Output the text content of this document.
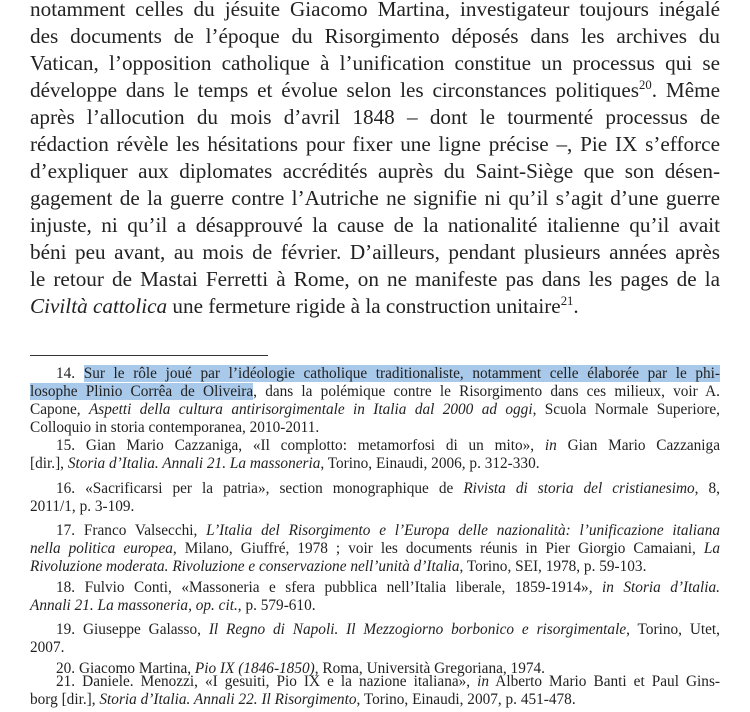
notamment celles du jésuite Giacomo Martina, investigateur toujours inégalé
des documents de l’époque du Risorgimento déposés dans les archives du
Vatican, l’opposition catholique à l’unification constitue un processus qui se
développe dans le temps et évolue selon les circonstances politiques$^{20}$. Même
après l’allocution du mois d’avril 1848 – dont le tourmenté processus de
rédaction révèle les hésitations pour fixer une ligne précise –, Pie IX s’efforce
d’expliquer aux diplomates accrédités auprès du Saint-Siège que son désen-
gagement de la guerre contre l’Autriche ne signifie ni qu’il s’agit d’une guerre
injuste, ni qu’il a désapprouvé la cause de la nationalité italienne qu’il avait
béni peu avant, au mois de février. D’ailleurs, pendant plusieurs années après
le retour de Mastai Ferretti à Rome, on ne manifeste pas dans les pages de la
Civiltà cattolica une fermeture rigide à la construction unitaire$^{21}$.
14. Sur le rôle joué par l’idéologie catholique traditionaliste, notamment celle élaborée par le phi-
losophe Plinio Corrêa de Oliveira, dans la polémique contre le Risorgimento dans ces milieux, voir A.
Capone, Aspetti della cultura antirisorgimentale in Italia dal 2000 ad oggi, Scuola Normale Superiore,
Colloquio in storia contemporanea, 2010-2011.
15. Gian Mario Cazzaniga, «Il complotto: metamorfosi di un mito», in Gian Mario Cazzaniga
[dir.], Storia d’Italia. Annali 21. La massoneria, Torino, Einaudi, 2006, p. 312-330.
16. «Sacrificarsi per la patria», section monographique de Rivista di storia del cristianesimo, 8,
2011/1, p. 3-109.
17. Franco Valsecchi, L’Italia del Risorgimento e l’Europa delle nazionalità: l’unificazione italiana
nella politica europea, Milano, Giuffré, 1978 ; voir les documents réunis in Pier Giorgio Camaiani, La
Rivoluzione moderata. Rivoluzione e conservazione nell’unità d’Italia, Torino, SEI, 1978, p. 59-103.
18. Fulvio Conti, «Massoneria e sfera pubblica nell’Italia liberale, 1859-1914», in Storia d’Italia.
Annali 21. La massoneria, op. cit., p. 579-610.
19. Giuseppe Galasso, Il Regno di Napoli. Il Mezzogiorno borbonico e risorgimentale, Torino, Utet,
2007.
20. Giacomo Martina, Pio IX (1846-1850), Roma, Università Gregoriana, 1974.
21. Daniele. Menozzi, «I gesuiti, Pio IX e la nazione italiana», in Alberto Mario Banti et Paul Gins-
borg [dir.], Storia d’Italia. Annali 22. Il Risorgimento, Torino, Einaudi, 2007, p. 451-478.
